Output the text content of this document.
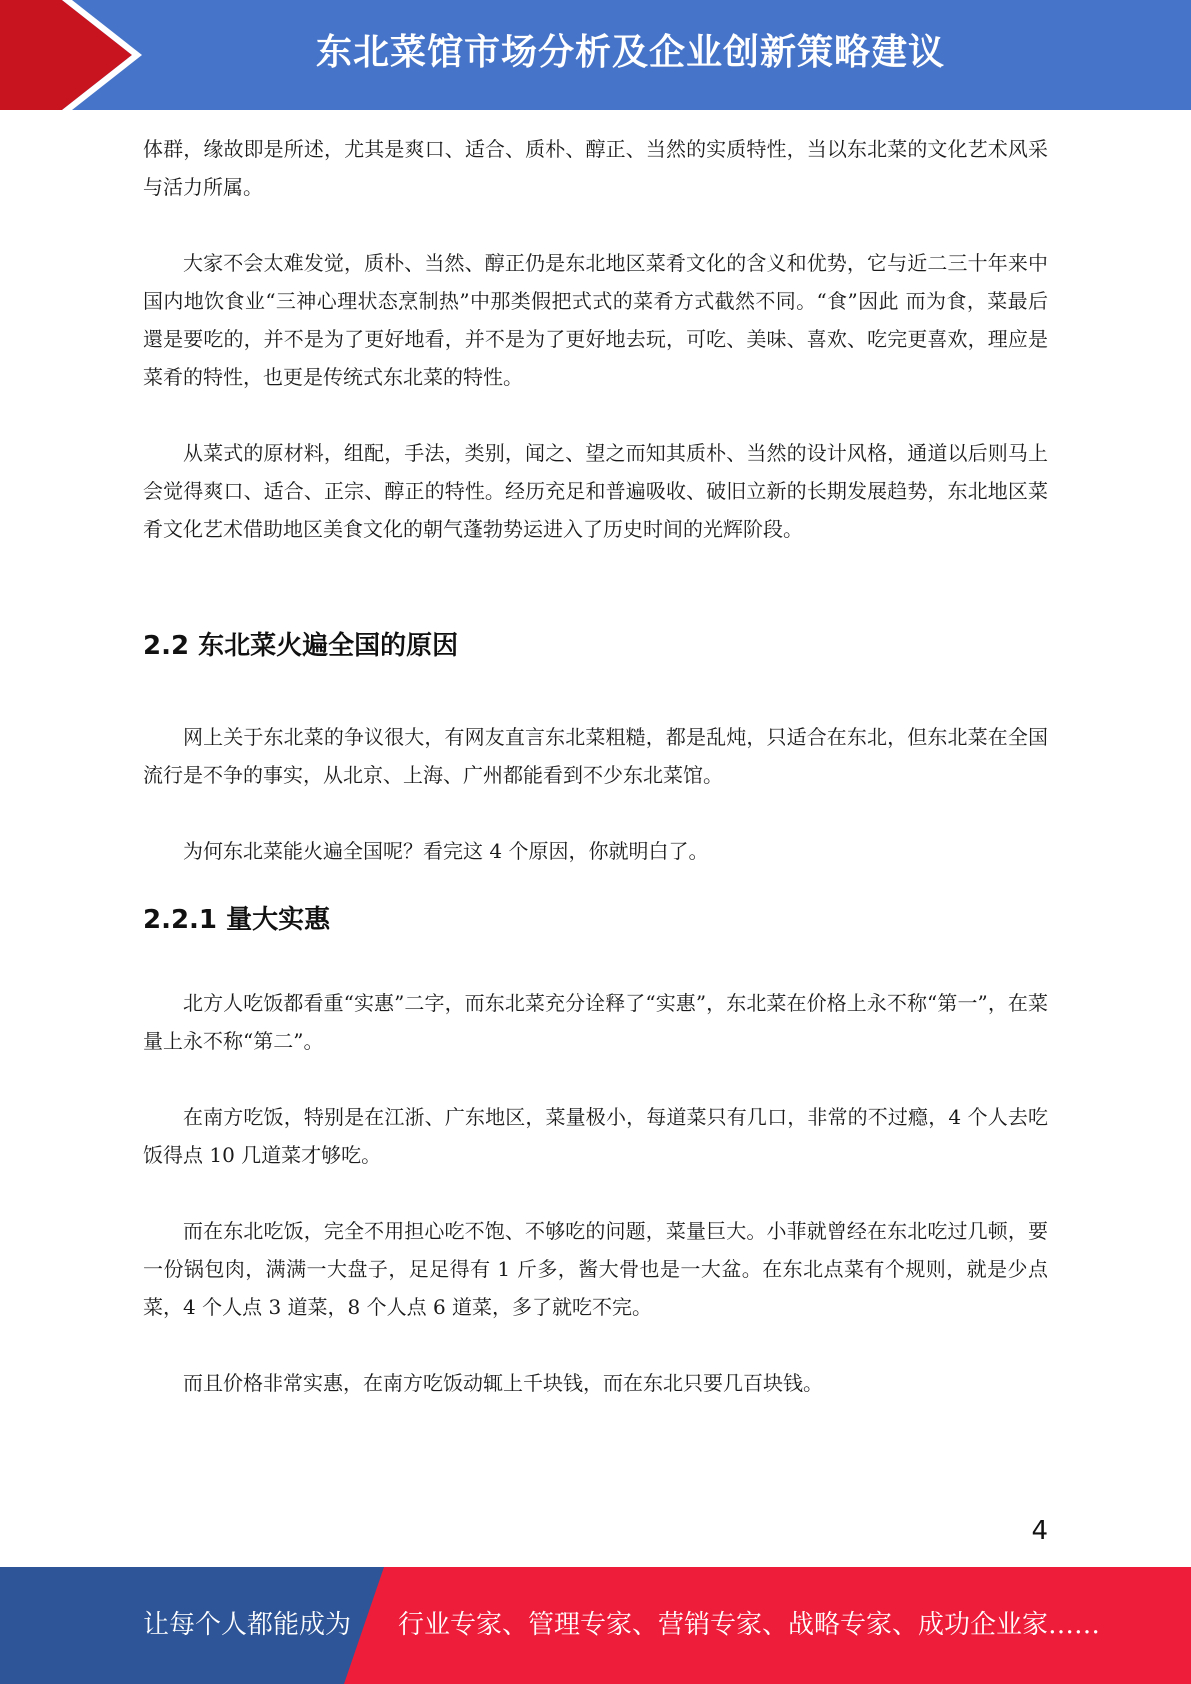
东北菜馆市场分析及企业创新策略建议

体群，缘故即是所述，尤其是爽口、适合、质朴、醇正、当然的实质特性，当以东北菜的文化艺术风采与活力所属。

大家不会太难发觉，质朴、当然、醇正仍是东北地区菜肴文化的含义和优势，它与近二三十年来中国内地饮食业“三神心理状态烹制热”中那类假把式式的菜肴方式截然不同。“食”因此 而为食，菜最后還是要吃的，并不是为了更好地看，并不是为了更好地去玩，可吃、美味、喜欢、吃完更喜欢，理应是菜肴的特性，也更是传统式东北菜的特性。

从菜式的原材料，组配，手法，类别，闻之、望之而知其质朴、当然的设计风格，通道以后则马上会觉得爽口、适合、正宗、醇正的特性。经历充足和普遍吸收、破旧立新的长期发展趋势，东北地区菜肴文化艺术借助地区美食文化的朝气蓬勃势运进入了历史时间的光辉阶段。

2.2 东北菜火遍全国的原因

网上关于东北菜的争议很大，有网友直言东北菜粗糙，都是乱炖，只适合在东北，但东北菜在全国流行是不争的事实，从北京、上海、广州都能看到不少东北菜馆。

为何东北菜能火遍全国呢？看完这 4 个原因，你就明白了。

2.2.1 量大实惠

北方人吃饭都看重“实惠”二字，而东北菜充分诠释了“实惠”，东北菜在价格上永不称“第一”，在菜量上永不称“第二”。

在南方吃饭，特别是在江浙、广东地区，菜量极小，每道菜只有几口，非常的不过瘾，4 个人去吃饭得点 10 几道菜才够吃。

而在东北吃饭，完全不用担心吃不饱、不够吃的问题，菜量巨大。小菲就曾经在东北吃过几顿，要一份锅包肉，满满一大盘子，足足得有 1 斤多，酱大骨也是一大盆。在东北点菜有个规则，就是少点菜，4 个人点 3 道菜，8 个人点 6 道菜，多了就吃不完。

而且价格非常实惠，在南方吃饭动辄上千块钱，而在东北只要几百块钱。

4
让每个人都能成为 行业专家、管理专家、营销专家、战略专家、成功企业家……
